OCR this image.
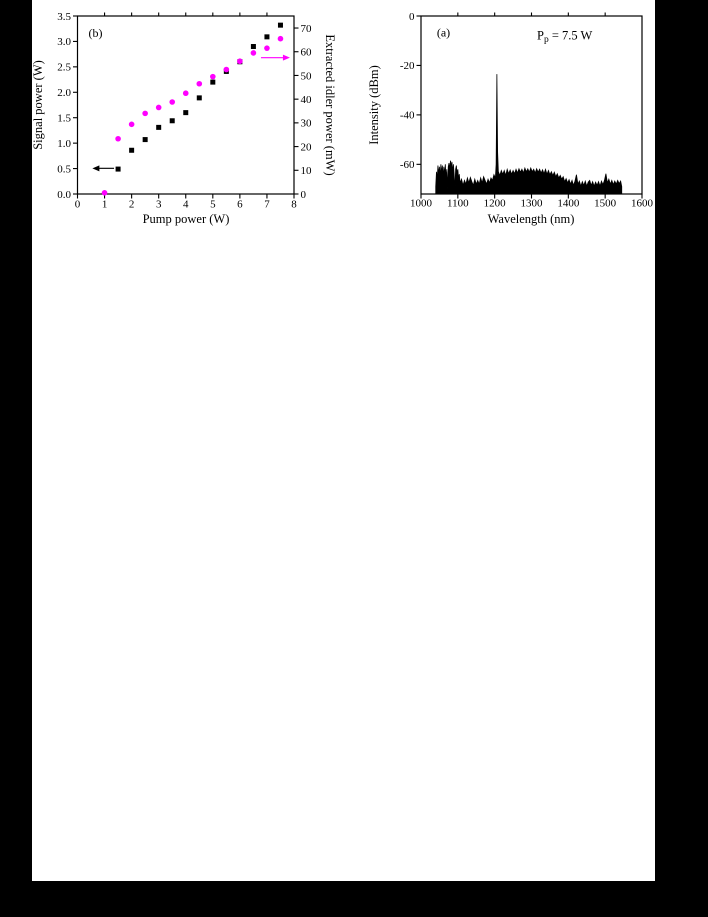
0 1 2 3 4 5 6 7 8
0.0
0.5
1.0
1.5
2.0
2.5
3.0
3.5
0
10
20
30
40
50
60
70
(b)
Pump power (W)
Signal power (W)	Extracted idler power (mW)
1000 1100 1200 1300 1400 1500 1600
0
-20
-40
-60
(a)	$P_p = 7.5$ W
Wavelength (nm)
Intensity (dBm)
